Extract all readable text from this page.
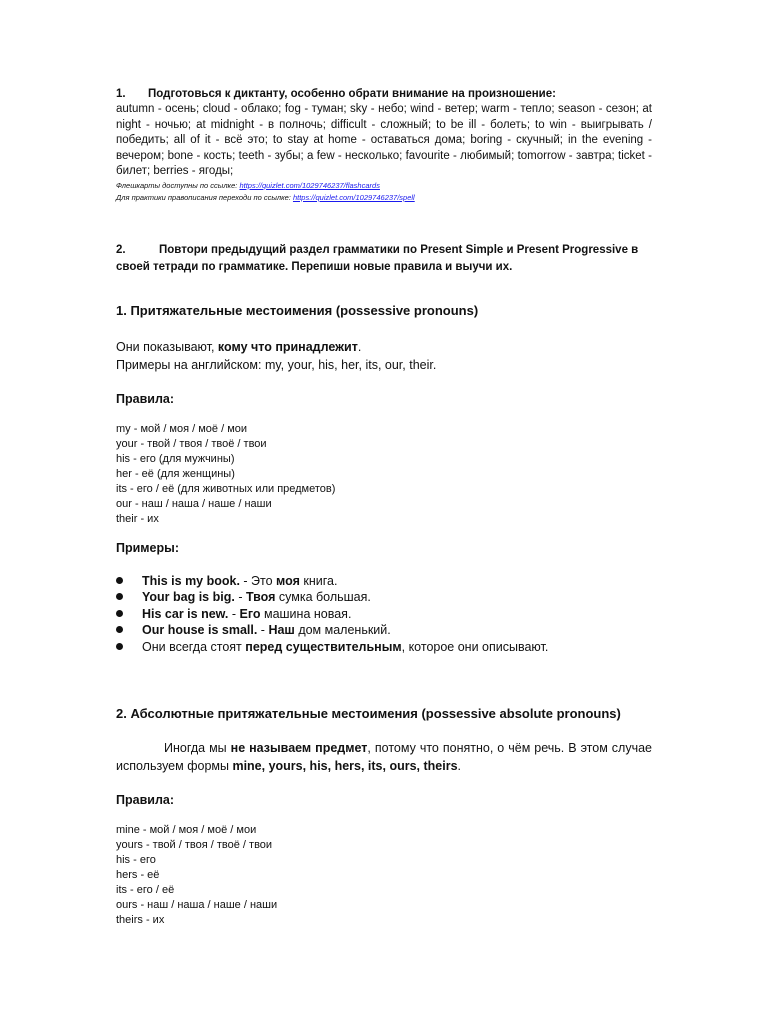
1. Подготовься к диктанту, особенно обрати внимание на произношение:

autumn - осень; cloud - облако; fog - туман; sky - небо; wind - ветер; warm - тепло; season - сезон; at night - ночью; at midnight - в полночь; difficult - сложный; to be ill - болеть; to win - выигрывать / победить; all of it - всё это; to stay at home - оставаться дома; boring - скучный; in the evening - вечером; bone - кость; teeth - зубы; a few - несколько; favourite - любимый; tomorrow - завтра; ticket - билет; berries - ягоды;

Флешкарты доступны по ссылке: https://quizlet.com/1029746237/flashcards

Для практики правописания переходи по ссылке: https://quizlet.com/1029746237/spell

2.	Повтори предыдущий раздел грамматики по Present Simple и Present Progressive в своей тетради по грамматике. Перепиши новые правила и выучи их.

1. Притяжательные местоимения (possessive pronouns)

Они показывают, кому что принадлежит.

Примеры на английском: my, your, his, her, its, our, their.

Правила:

my - мой / моя / моё / мои
your - твой / твоя / твоё / твои
his - его (для мужчины)
her - её (для женщины)
its - его / её (для животных или предметов)
our - наш / наша / наше / наши
their - их

Примеры:

This is my book. - Это моя книга.
Your bag is big. - Твоя сумка большая.
His car is new. - Его машина новая.
Our house is small. - Наш дом маленький.
Они всегда стоят перед существительным, которое они описывают.
2. Абсолютные притяжательные местоимения (possessive absolute pronouns)

Иногда мы не называем предмет, потому что понятно, о чём речь. В этом случае используем формы mine, yours, his, hers, its, ours, theirs.

Правила:

mine - мой / моя / моё / мои
yours - твой / твоя / твоё / твои
his - его
hers - её
its - его / её
ours - наш / наша / наше / наши
theirs - их
